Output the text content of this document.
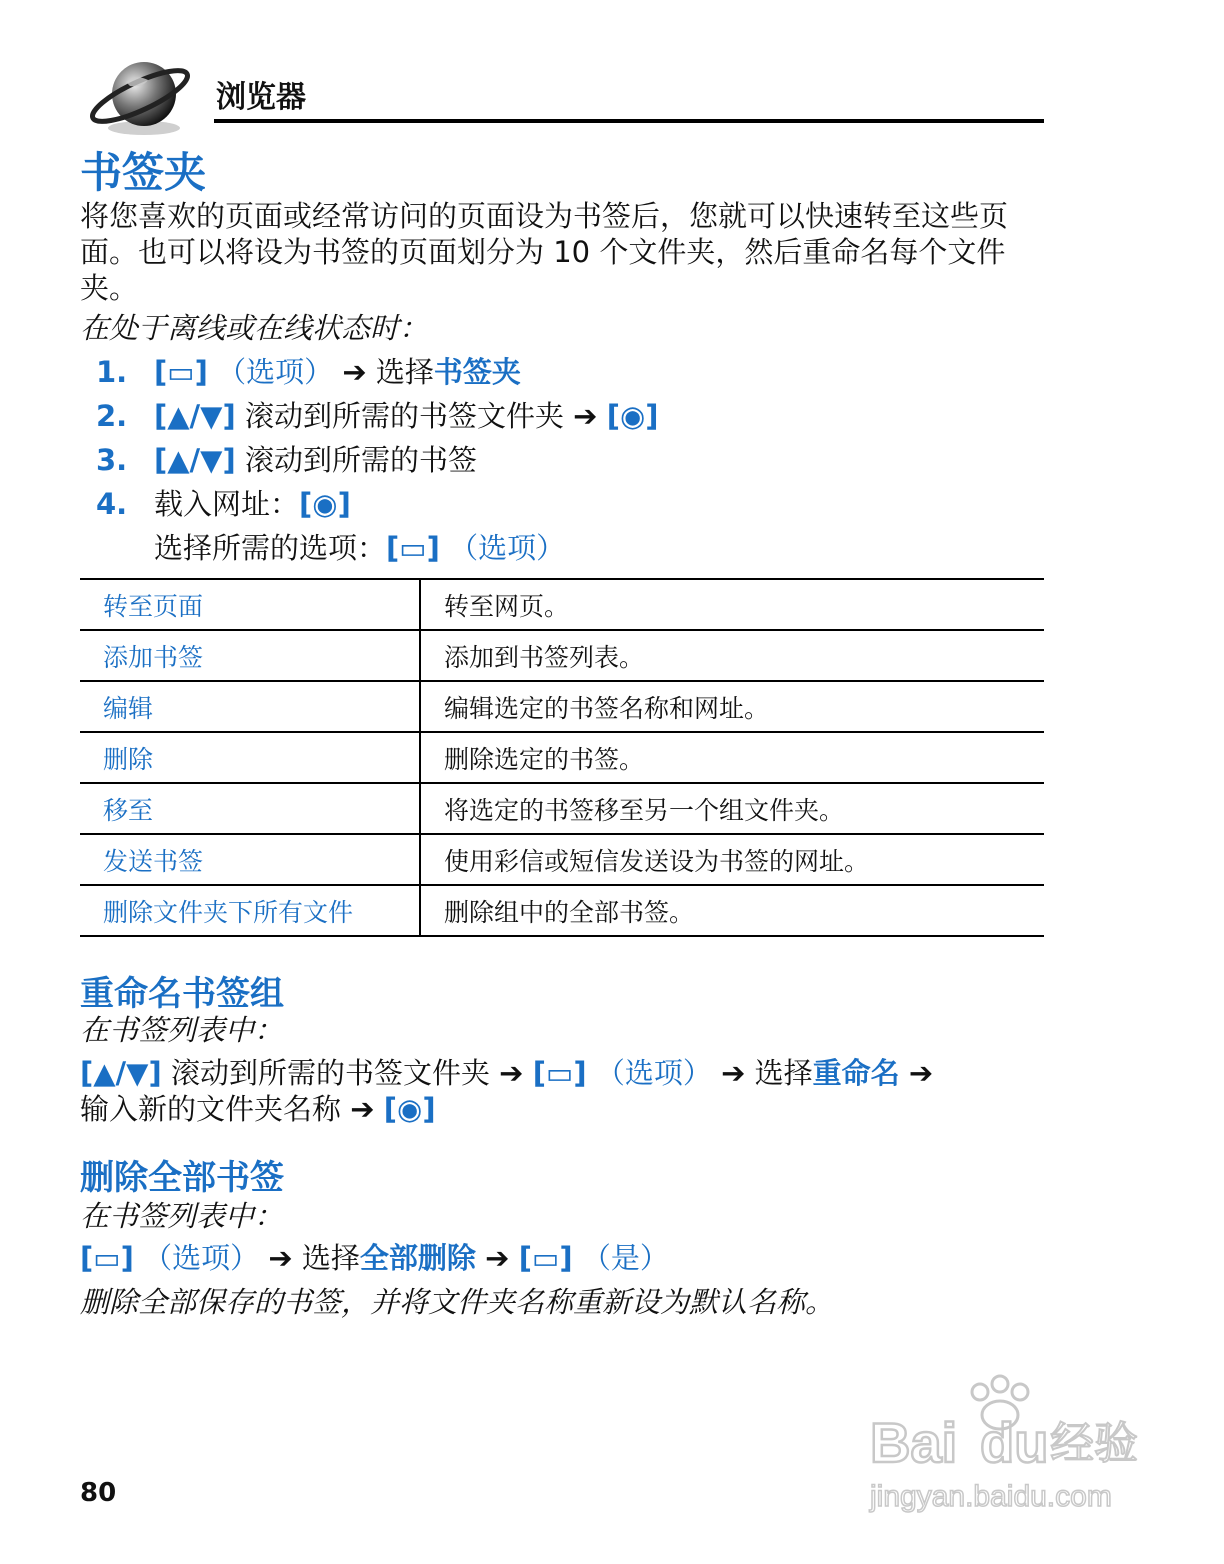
浏览器
书签夹
将您喜欢的页面或经常访问的页面设为书签后，您就可以快速转至这些页面。也可以将设为书签的页面划分为 10 个文件夹，然后重命名每个文件夹。
在处于离线或在线状态时：
1. [▭] （选项） ➔ 选择书签夹
2. [▲/▼] 滚动到所需的书签文件夹 ➔ [◉]
3. [▲/▼] 滚动到所需的书签
4. 载入网址：[◉]
选择所需的选项：[▭] （选项）
转至页面	转至网页。
添加书签	添加到书签列表。
编辑	编辑选定的书签名称和网址。
删除	删除选定的书签。
移至	将选定的书签移至另一个组文件夹。
发送书签	使用彩信或短信发送设为书签的网址。
删除文件夹下所有文件	删除组中的全部书签。
重命名书签组
在书签列表中：
[▲/▼] 滚动到所需的书签文件夹 ➔ [▭] （选项） ➔ 选择重命名 ➔
输入新的文件夹名称 ➔ [◉]
删除全部书签
在书签列表中：
[▭] （选项） ➔ 选择全部删除 ➔ [▭] （是）
删除全部保存的书签，并将文件夹名称重新设为默认名称。
80
Bai du 经验
jingyan.baidu.com
